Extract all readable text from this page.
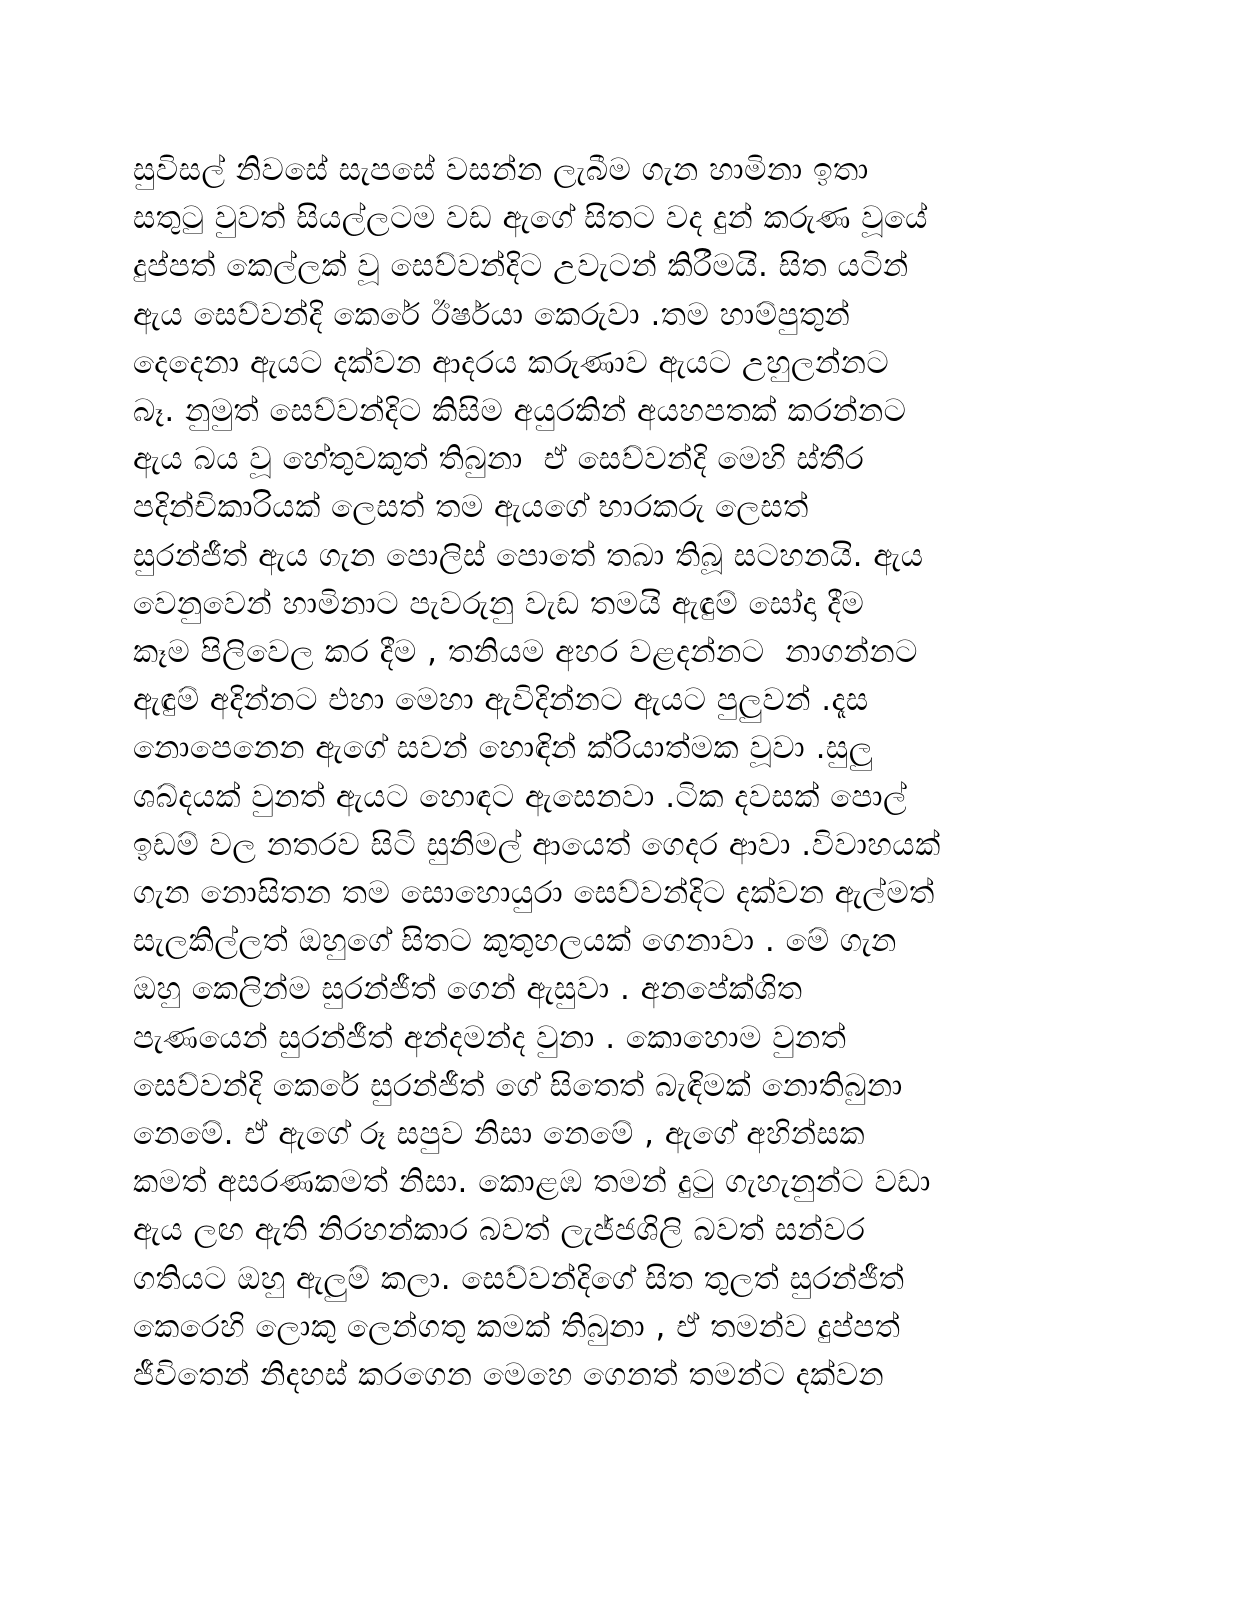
සුවිසල් නිවසේ සැපසේ වසන්න ලැබීම ගැන හාමිනා ඉතා
සතුටු වුවත් සියල්ලටම වඩ ඇගේ සිතට වද දුන් කරුණ වූයේ
දුප්පත් කෙල්ලක් වූ සෙව්වන්දිට උවැටන් කිරීමයි. සිත යටින්
ඇය සෙව්වන්දි කෙරේ ඊර්ෂයා කෙරුවා .තම හාම්පුතුන්
දෙදෙනා ඇයට දක්වන ආදරය කරුණාව ඇයට උහුලන්නට
බෑ. නුමුත් සෙව්වන්දිට කිසිම අයුරකින් අයහපතක් කරන්නට
ඇය බය වූ හේතුවකුත් තිබුනා  ඒ සෙව්වන්දි මෙහි ස්තීර
පදින්චිකාරියක් ලෙසත් තම ඇයගේ භාරකරු ලෙසත්
සුරන්ජීත් ඇය ගැන පොලිස් පොතේ තබා තිබූ සටහනයි. ඇය
වෙනුවෙන් හාමිනාට පැවරුනු වැඩ තමයි ඇඳුම් සෝදා දීම
කෑම පිලිවෙල කර දීම , තනියම අහර වළදන්නට  නාගන්නට
ඇඳුම් අදින්නට එහා මෙහා ඇවිදින්නට ඇයට පුලුවන් .දෑස
නොපෙනෙන ඇගේ සවන් හොඳින් ක්රියාත්මක වූවා .සුලු
ශබ්දයක් වුනත් ඇයට හොඳට ඇසෙනවා .ටික දවසක් පොල්
ඉඩම් වල නතරව සිටි සුනිමල් ආයෙත් ගෙදර ආවා .විවාහයක්
ගැන නොසිතන තම සොහොයුරා සෙව්වන්දිට දක්වන ඇල්මත්
සැලකිල්ලත් ඔහුගේ සිතට කුතුහලයක් ගෙනාවා . මේ ගැන
ඔහු කෙලින්ම සුරන්ජීත් ගෙන් ඇසුවා . අනපේක්ශිත
පැණයෙන් සුරන්ජීත් අන්දමන්ද වුනා . කොහොම වුනත්
සෙව්වන්දි කෙරේ සුරන්ජීත් ගේ සිතෙත් බැඳිමක් නොතිබුනා
නෙමේ. ඒ ඇගේ රූ සපුව නිසා නෙමේ , ඇගේ අහින්සක
කමත් අසරණකමත් නිසා. කොළඹ තමන් දුටු ගැහැනුන්ට වඩා
ඇය ලඟ ඇති නිරහන්කාර බවත් ලැජ්ජශිලි බවත් සන්වර
ගතියට ඔහු ඇලුම් කලා. සෙව්වන්දිගේ සිත තුලත් සුරන්ජීත්
කෙරෙහි ලොකු ලෙන්ගතු කමක් තිබුනා , ඒ තමන්ව දුප්පත්
ජීවිතෙන් නිදහස් කරගෙන මෙහෙ ගෙනත් තමන්ට දක්වන
